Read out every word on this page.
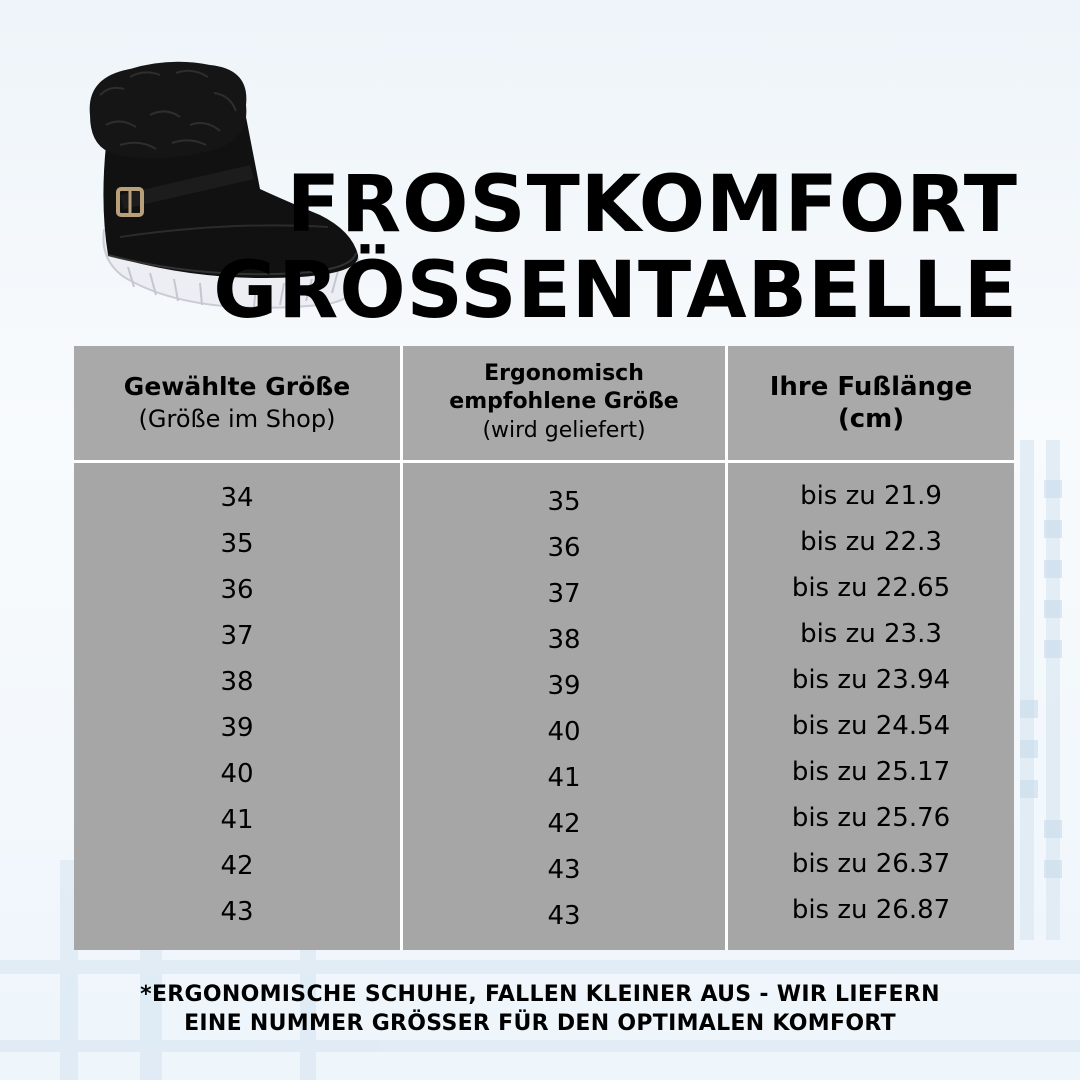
FROSTKOMFORT
GRÖSSENTABELLE
Gewählte Größe
(Größe im Shop)
Ergonomisch
empfohlene Größe
(wird geliefert)
Ihre Fußlänge
(cm)
34
35
36
37
38
39
40
41
42
43
35
36
37
38
39
40
41
42
43
43
bis zu 21.9
bis zu 22.3
bis zu 22.65
bis zu 23.3
bis zu 23.94
bis zu 24.54
bis zu 25.17
bis zu 25.76
bis zu 26.37
bis zu 26.87
*ERGONOMISCHE SCHUHE, FALLEN KLEINER AUS - WIR LIEFERN
EINE NUMMER GRÖSSER FÜR DEN OPTIMALEN KOMFORT
